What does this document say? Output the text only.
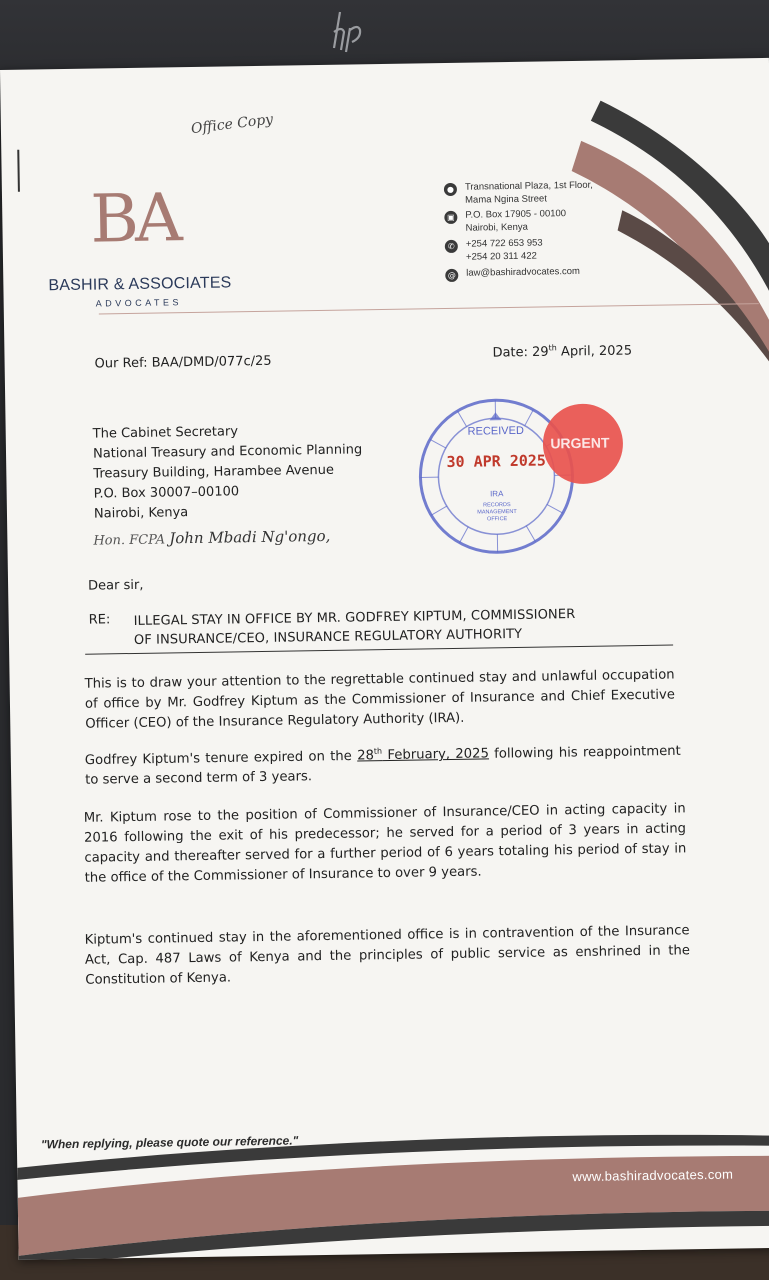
Office Copy
BA
BASHIR & ASSOCIATES
ADVOCATES
●	Transnational Plaza, 1st Floor,
Mama Ngina Street
▣ P.O. Box 17905 - 00100
Nairobi, Kenya
✆	+254 722 653 953
+254 20 311 422
@ law@bashiradvocates.com
Our Ref: BAA/DMD/077c/25
Date: 29th April, 2025
The Cabinet Secretary
National Treasury and Economic Planning
Treasury Building, Harambee Avenue
P.O. Box 30007–00100
Nairobi, Kenya
Hon. FCPA John Mbadi Ng'ongo,
RECEIVED
30 APR 2025
IRA
RECORDS
MANAGEMENT
OFFICE
URGENT
Dear sir,
RE: ILLEGAL STAY IN OFFICE BY MR. GODFREY KIPTUM, COMMISSIONER
OF INSURANCE/CEO, INSURANCE REGULATORY AUTHORITY
This is to draw your attention to the regrettable continued stay and unlawful occupation of office by Mr. Godfrey Kiptum as the Commissioner of Insurance and Chief Executive Officer (CEO) of the Insurance Regulatory Authority (IRA).
Godfrey Kiptum's tenure expired on the 28th February, 2025 following his reappointment to serve a second term of 3 years.
Mr. Kiptum rose to the position of Commissioner of Insurance/CEO in acting capacity in 2016 following the exit of his predecessor; he served for a period of 3 years in acting capacity and thereafter served for a further period of 6 years totaling his period of stay in the office of the Commissioner of Insurance to over 9 years.
Kiptum's continued stay in the aforementioned office is in contravention of the Insurance Act, Cap. 487 Laws of Kenya and the principles of public service as enshrined in the Constitution of Kenya.
"When replying, please quote our reference."
www.bashiradvocates.com
